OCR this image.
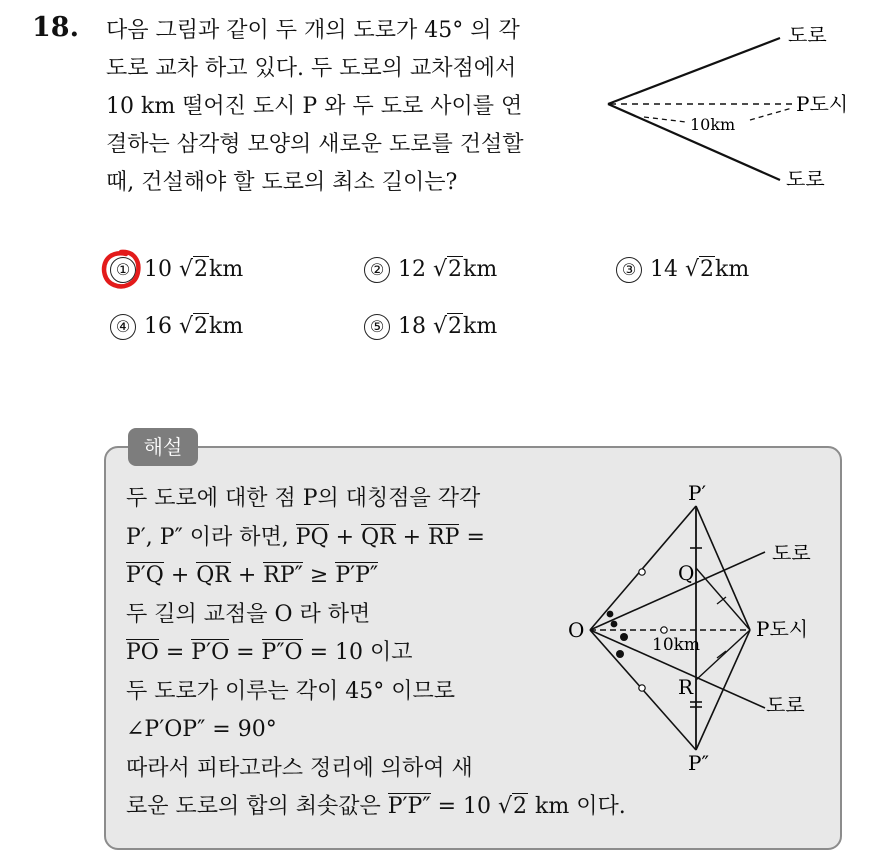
18. 다음 그림과 같이 두 개의 도로가 45° 의 각
도로 교차 하고 있다. 두 도로의 교차점에서
10 km 떨어진 도시 P 와 두 도로 사이를 연
결하는 삼각형 모양의 새로운 도로를 건설할
때, 건설해야 할 도로의 최소 길이는?
도로
도로
P도시
10km
① 10 √2km	② 12 √2km	③ 14 √2km
④ 16 √2km	⑤ 18 √2km
해설
두 도로에 대한 점 P의 대칭점을 각각
P′, P″ 이라 하면, PQ + QR + RP =
P′Q + QR + RP″ ≥ P′P″
두 길의 교점을 O 라 하면
PO = P′O = P″O = 10 이고
두 도로가 이루는 각이 45° 이므로
∠P′OP″ = 90°
따라서 피타고라스 정리에 의하여 새
로운 도로의 합의 최솟값은 P′P″ = 10 √2 km 이다.
P′
P″
Q
R
O	P도시
10km
도로
도로
